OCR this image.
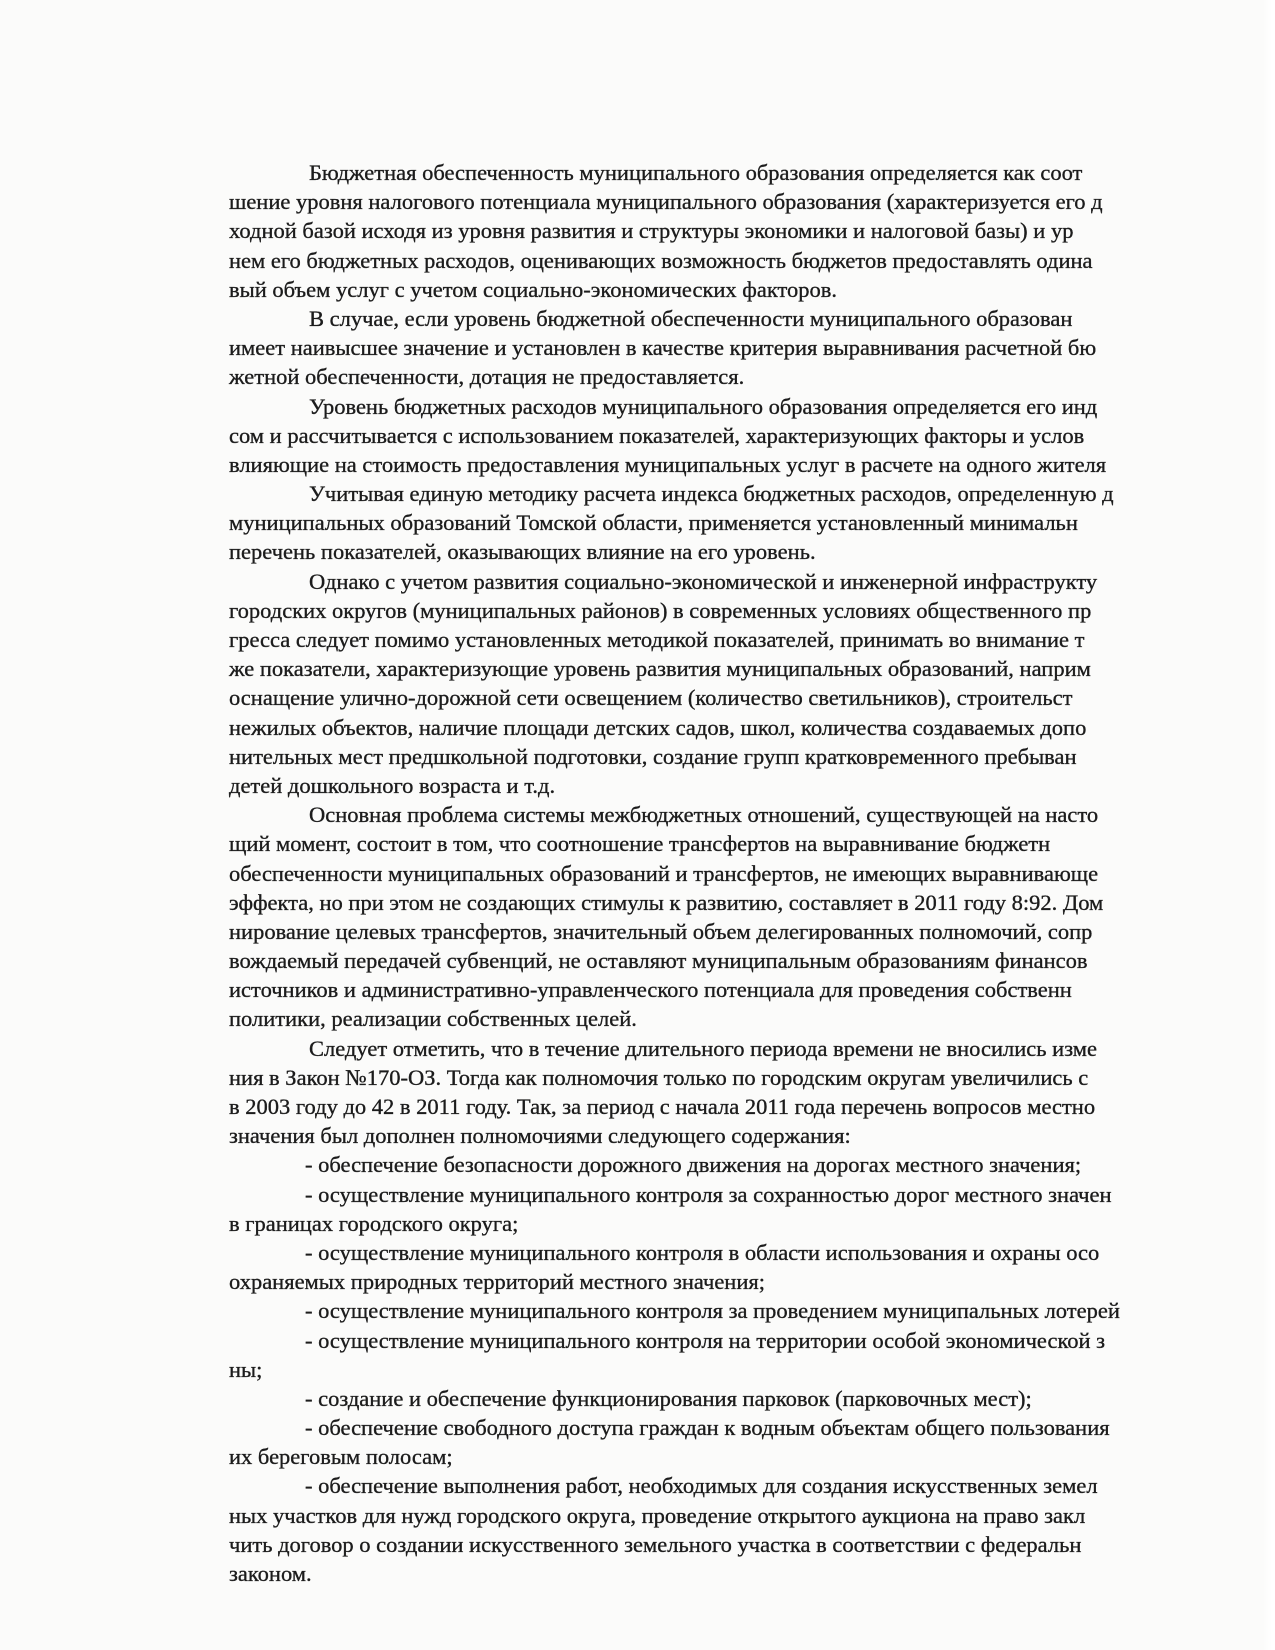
Бюджетная обеспеченность муниципального образования определяется как соот
шение уровня налогового потенциала муниципального образования (характеризуется его д
ходной базой исходя из уровня развития и структуры экономики и налоговой базы) и ур
нем его бюджетных расходов, оценивающих возможность бюджетов предоставлять одина
вый объем услуг с учетом социально-экономических факторов.
В случае, если уровень бюджетной обеспеченности муниципального образован
имеет наивысшее значение и установлен в качестве критерия выравнивания расчетной бю
жетной обеспеченности, дотация не предоставляется.
Уровень бюджетных расходов муниципального образования определяется его инд
сом и рассчитывается с использованием показателей, характеризующих факторы и услов
влияющие на стоимость предоставления муниципальных услуг в расчете на одного жителя
Учитывая единую методику расчета индекса бюджетных расходов, определенную д
муниципальных образований Томской области, применяется установленный минимальн
перечень показателей, оказывающих влияние на его уровень.
Однако с учетом развития социально-экономической и инженерной инфраструкту
городских округов (муниципальных районов) в современных условиях общественного пр
гресса следует помимо установленных методикой показателей, принимать во внимание т
же показатели, характеризующие уровень развития муниципальных образований, наприм
оснащение улично-дорожной сети освещением (количество светильников), строительст
нежилых объектов, наличие площади детских садов, школ, количества создаваемых допо
нительных мест предшкольной подготовки, создание групп кратковременного пребыван
детей дошкольного возраста и т.д.
Основная проблема системы межбюджетных отношений, существующей на насто
щий момент, состоит в том, что соотношение трансфертов на выравнивание бюджетн
обеспеченности муниципальных образований и трансфертов, не имеющих выравнивающе
эффекта, но при этом не создающих стимулы к развитию, составляет в 2011 году 8:92. Дом
нирование целевых трансфертов, значительный объем делегированных полномочий, сопр
вождаемый передачей субвенций, не оставляют муниципальным образованиям финансов
источников и административно-управленческого потенциала для проведения собственн
политики, реализации собственных целей.
Следует отметить, что в течение длительного периода времени не вносились изме
ния в Закон №170-ОЗ. Тогда как полномочия только по городским округам увеличились с
в 2003 году до 42 в 2011 году. Так, за период с начала 2011 года перечень вопросов местно
значения был дополнен полномочиями следующего содержания:
- обеспечение безопасности дорожного движения на дорогах местного значения;
- осуществление муниципального контроля за сохранностью дорог местного значен
в границах городского округа;
- осуществление муниципального контроля в области использования и охраны осо
охраняемых природных территорий местного значения;
- осуществление муниципального контроля за проведением муниципальных лотерей
- осуществление муниципального контроля на территории особой экономической з
ны;
- создание и обеспечение функционирования парковок (парковочных мест);
- обеспечение свободного доступа граждан к водным объектам общего пользования
их береговым полосам;
- обеспечение выполнения работ, необходимых для создания искусственных земел
ных участков для нужд городского округа, проведение открытого аукциона на право закл
чить договор о создании искусственного земельного участка в соответствии с федеральн
законом.
